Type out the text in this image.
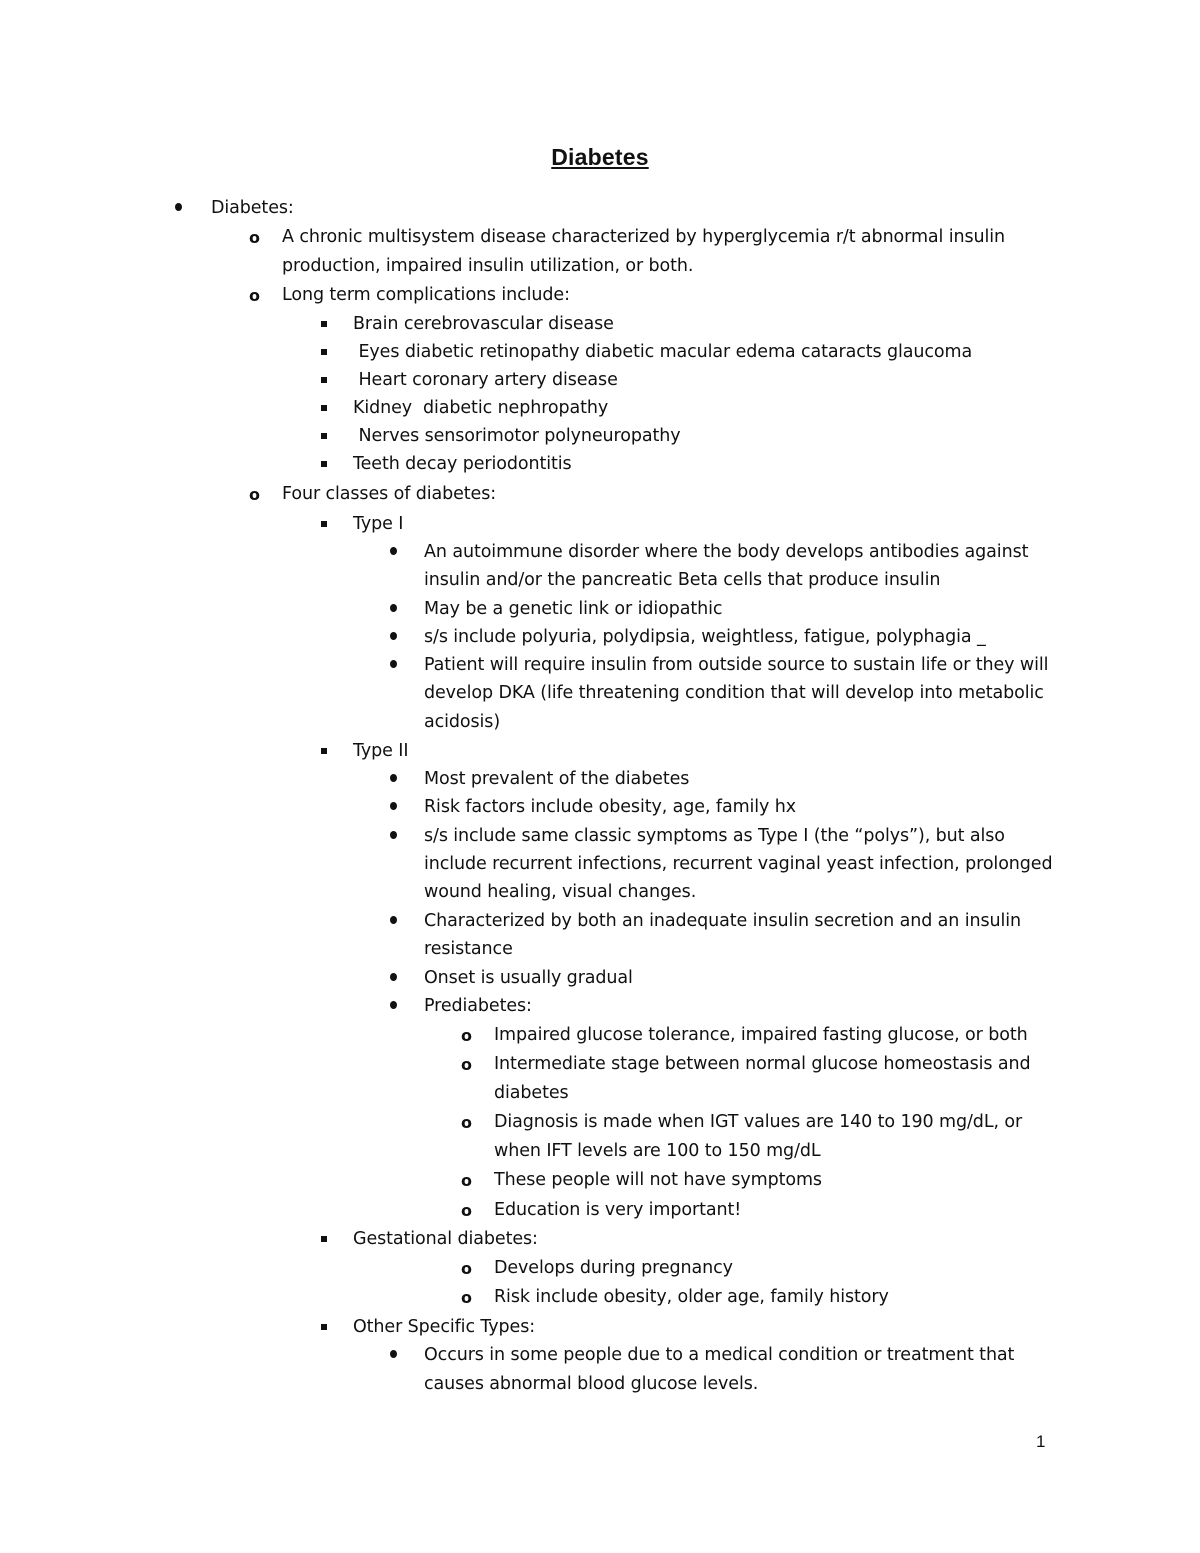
Diabetes
Diabetes:
o A chronic multisystem disease characterized by hyperglycemia r/t abnormal insulin
production, impaired insulin utilization, or both.
o Long term complications include:
Brain cerebrovascular disease
Eyes diabetic retinopathy diabetic macular edema cataracts glaucoma
Heart coronary artery disease
Kidney  diabetic nephropathy
Nerves sensorimotor polyneuropathy
Teeth decay periodontitis
o Four classes of diabetes:
Type I
An autoimmune disorder where the body develops antibodies against
insulin and/or the pancreatic Beta cells that produce insulin
May be a genetic link or idiopathic
s/s include polyuria, polydipsia, weightless, fatigue, polyphagia _
Patient will require insulin from outside source to sustain life or they will
develop DKA (life threatening condition that will develop into metabolic
acidosis)
Type II
Most prevalent of the diabetes
Risk factors include obesity, age, family hx
s/s include same classic symptoms as Type I (the “polys”), but also
include recurrent infections, recurrent vaginal yeast infection, prolonged
wound healing, visual changes.
Characterized by both an inadequate insulin secretion and an insulin
resistance
Onset is usually gradual
Prediabetes:
o Impaired glucose tolerance, impaired fasting glucose, or both
o Intermediate stage between normal glucose homeostasis and
diabetes
o Diagnosis is made when IGT values are 140 to 190 mg/dL, or
when IFT levels are 100 to 150 mg/dL
o These people will not have symptoms
o Education is very important!
Gestational diabetes:
o Develops during pregnancy
o Risk include obesity, older age, family history
Other Specific Types:
Occurs in some people due to a medical condition or treatment that
causes abnormal blood glucose levels.
1
